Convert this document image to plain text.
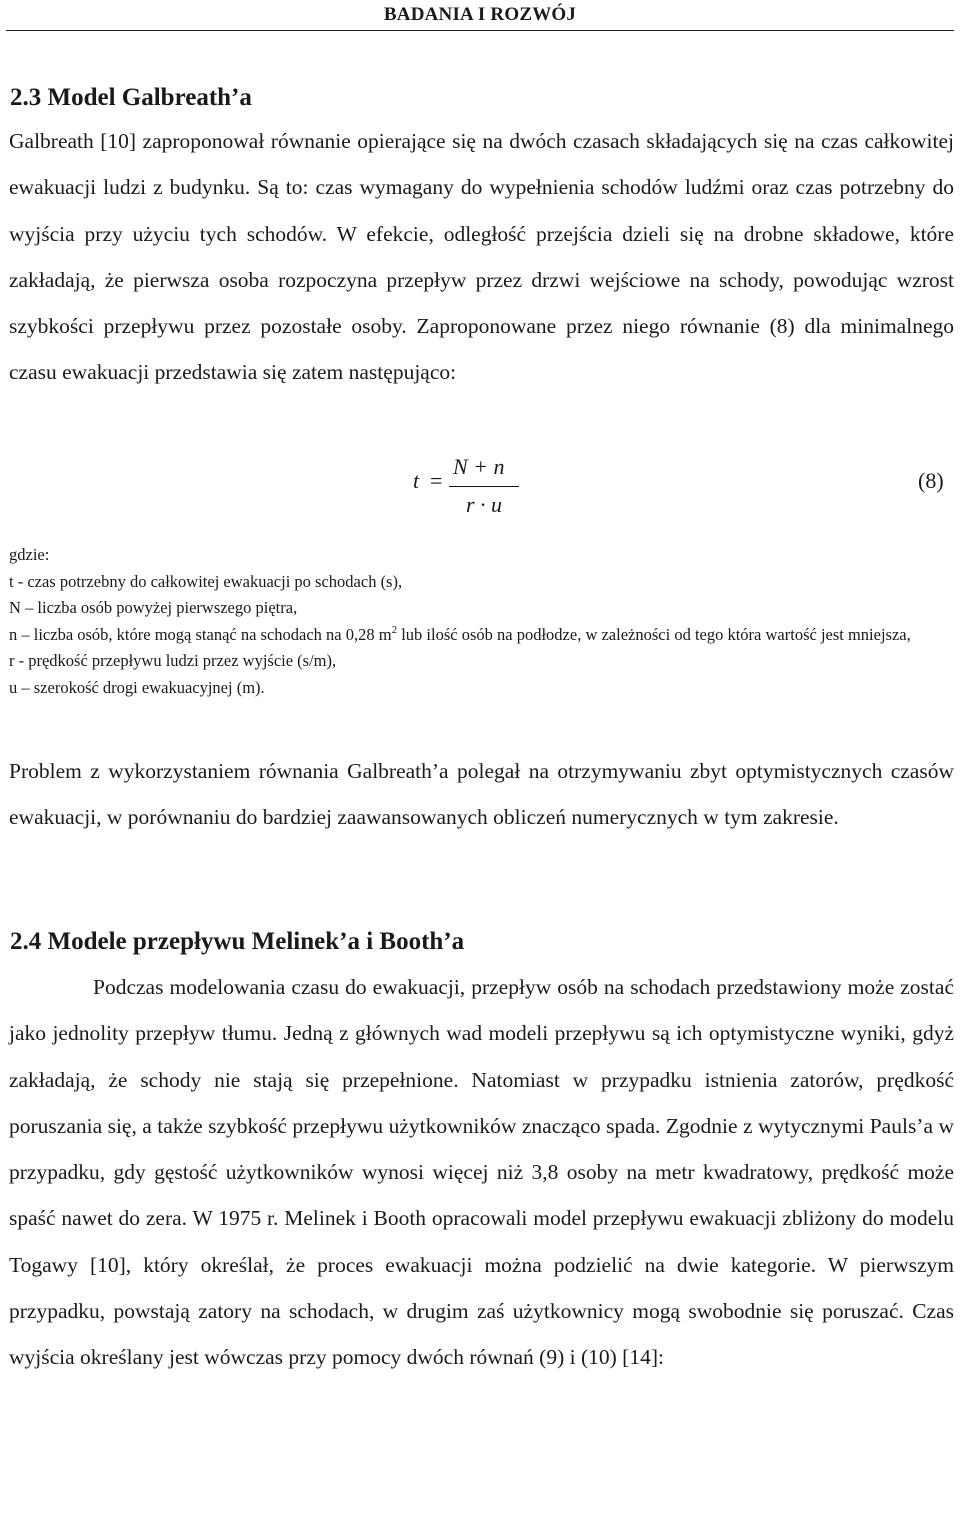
BADANIA I ROZWÓJ
2.3 Model Galbreath’a

Galbreath [10] zaproponował równanie opierające się na dwóch czasach składających się na czas całkowitej ewakuacji ludzi z budynku. Są to: czas wymagany do wypełnienia schodów ludźmi oraz czas potrzebny do wyjścia przy użyciu tych schodów. W efekcie, odległość przejścia dzieli się na drobne składowe, które zakładają, że pierwsza osoba rozpoczyna przepływ przez drzwi wejściowe na schody, powodując wzrost szybkości przepływu przez pozostałe osoby. Zaproponowane przez niego równanie (8) dla minimalnego czasu ewakuacji przedstawia się zatem następująco:

t =
N + n
r · u
(8)
gdzie:
t - czas potrzebny do całkowitej ewakuacji po schodach (s),
N – liczba osób powyżej pierwszego piętra,
n – liczba osób, które mogą stanąć na schodach na 0,28 $m^2$ lub ilość osób na podłodze, w zależności od tego która wartość jest mniejsza,
r - prędkość przepływu ludzi przez wyjście (s/m),
u – szerokość drogi ewakuacyjnej (m).

Problem z wykorzystaniem równania Galbreath’a polegał na otrzymywaniu zbyt optymistycznych czasów ewakuacji, w porównaniu do bardziej zaawansowanych obliczeń numerycznych w tym zakresie.

2.4 Modele przepływu Melinek’a i Booth’a

Podczas modelowania czasu do ewakuacji, przepływ osób na schodach przedstawiony może zostać jako jednolity przepływ tłumu. Jedną z głównych wad modeli przepływu są ich optymistyczne wyniki, gdyż zakładają, że schody nie stają się przepełnione. Natomiast w przypadku istnienia zatorów, prędkość poruszania się, a także szybkość przepływu użytkowników znacząco spada. Zgodnie z wytycznymi Pauls’a w przypadku, gdy gęstość użytkowników wynosi więcej niż 3,8 osoby na metr kwadratowy, prędkość może spaść nawet do zera. W 1975 r. Melinek i Booth opracowali model przepływu ewakuacji zbliżony do modelu Togawy [10], który określał, że proces ewakuacji można podzielić na dwie kategorie. W pierwszym przypadku, powstają zatory na schodach, w drugim zaś użytkownicy mogą swobodnie się poruszać. Czas wyjścia określany jest wówczas przy pomocy dwóch równań (9) i (10) [14]:
